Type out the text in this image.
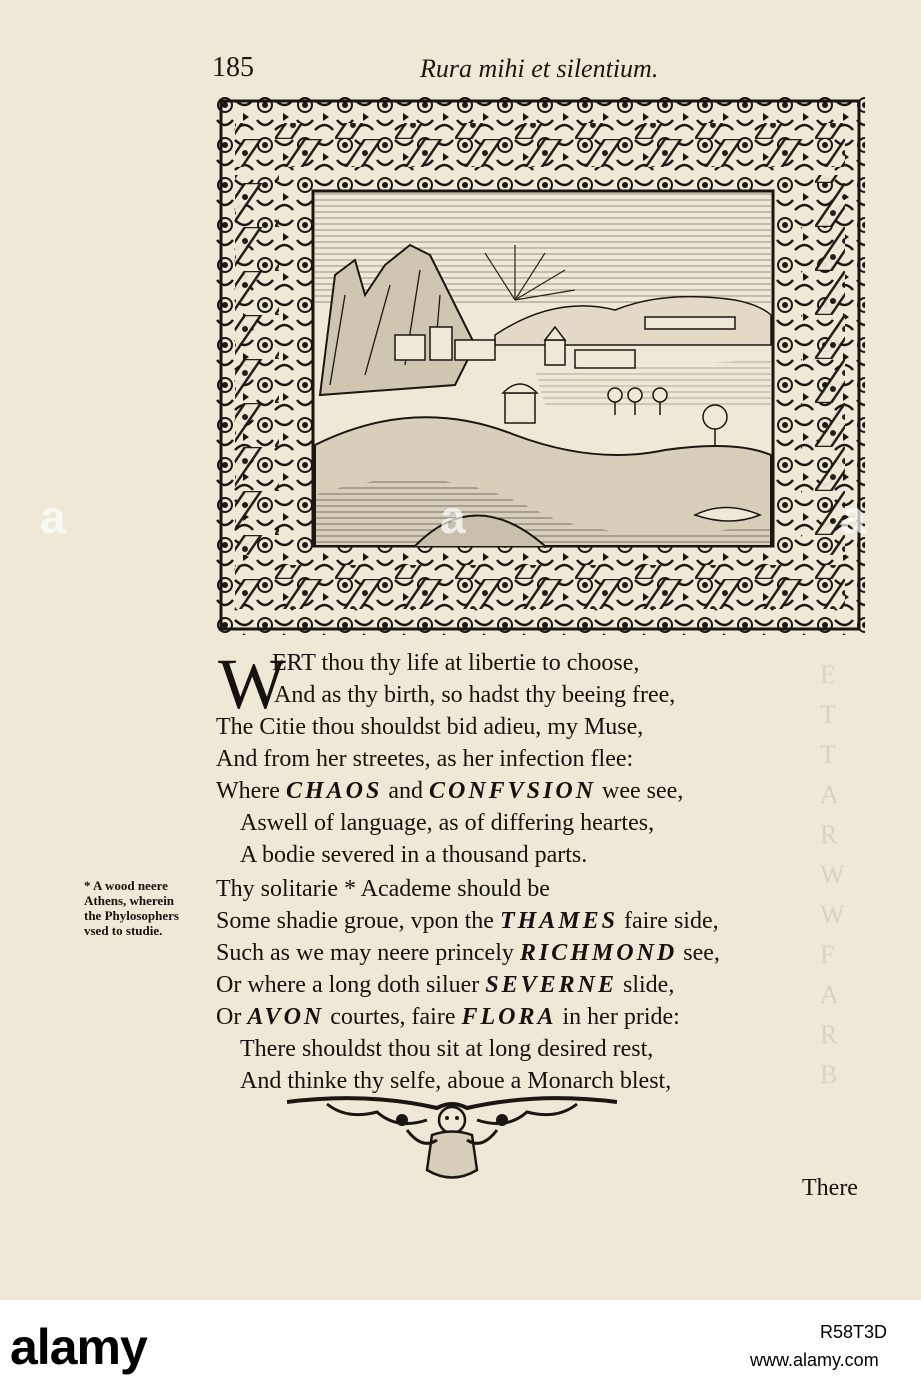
E
T
T
A
R
W
W
F
A
R
B
185	Rura mihi et silentium.
W
ERT thou thy life at libertie to choose,
And as thy birth, so hadst thy beeing free,
The Citie thou shouldst bid adieu, my Muse,
And from her streetes, as her infection flee:
Where CHAOS and CONFVSION wee see,
Aswell of language, as of differing heartes,
A bodie severed in a thousand parts.
* A wood neere
Athens, wherein
the Phylosophers
vsed to studie.
Thy solitarie * Academe should be
Some shadie groue, vpon the THAMES faire side,
Such as we may neere princely RICHMOND see,
Or where a long doth siluer SEVERNE slide,
Or AVON courtes, faire FLORA in her pride:
There shouldst thou sit at long desired rest,
And thinke thy selfe, aboue a Monarch blest,
There
a	a	a
alamy	R58T3D
www.alamy.com
